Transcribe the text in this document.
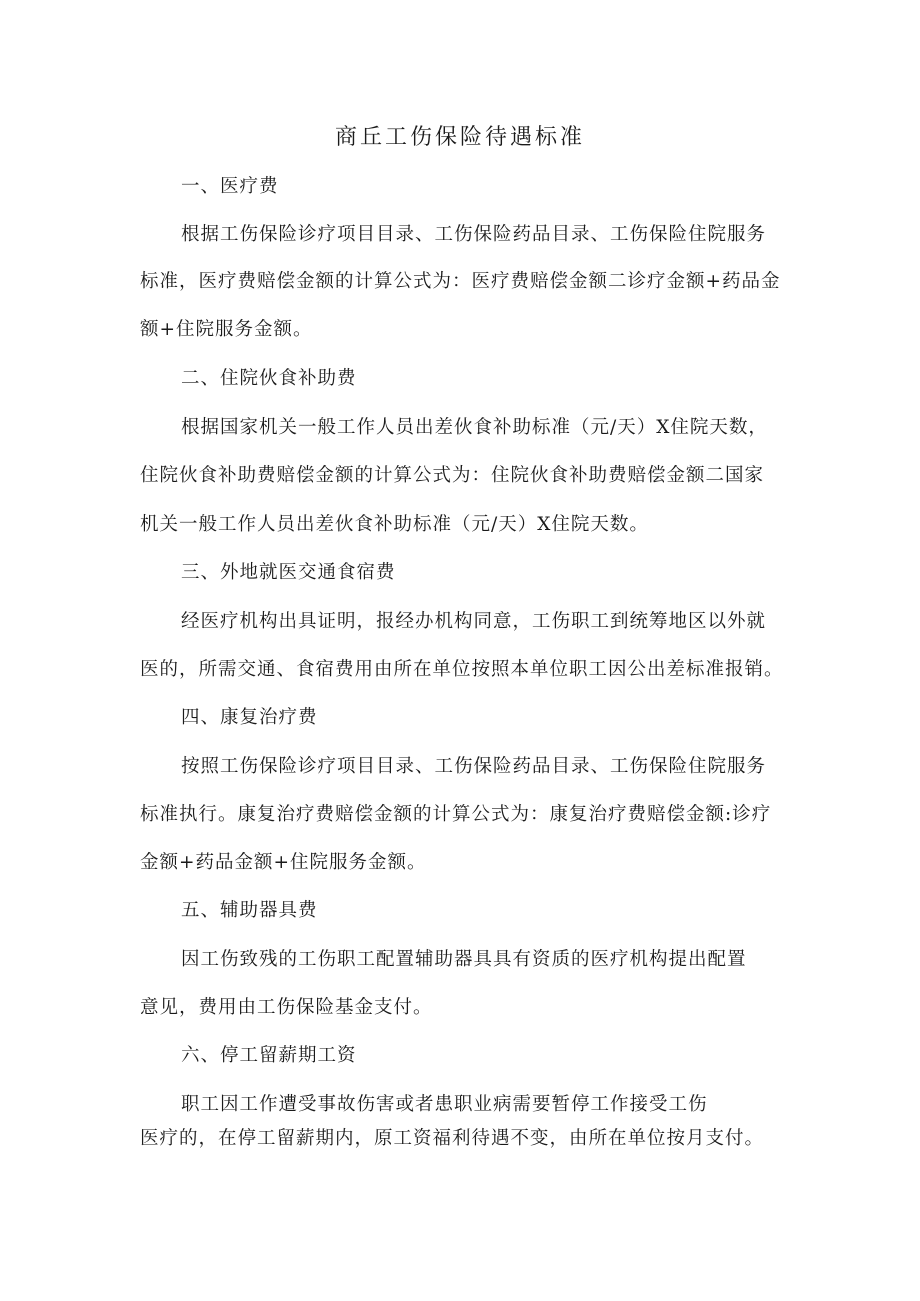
商丘工伤保险待遇标准
一、医疗费
根据工伤保险诊疗项目目录、工伤保险药品目录、工伤保险住院服务
标准，医疗费赔偿金额的计算公式为：医疗费赔偿金额二诊疗金额+药品金
额+住院服务金额。
二、住院伙食补助费
根据国家机关一般工作人员出差伙食补助标准（元/天）X住院天数，
住院伙食补助费赔偿金额的计算公式为：住院伙食补助费赔偿金额二国家
机关一般工作人员出差伙食补助标准（元/天）X住院天数。
三、外地就医交通食宿费
经医疗机构出具证明，报经办机构同意，工伤职工到统筹地区以外就
医的，所需交通、食宿费用由所在单位按照本单位职工因公出差标准报销。
四、康复治疗费
按照工伤保险诊疗项目目录、工伤保险药品目录、工伤保险住院服务
标准执行。康复治疗费赔偿金额的计算公式为：康复治疗费赔偿金额:诊疗
金额+药品金额+住院服务金额。
五、辅助器具费
因工伤致残的工伤职工配置辅助器具具有资质的医疗机构提出配置
意见，费用由工伤保险基金支付。
六、停工留薪期工资
职工因工作遭受事故伤害或者患职业病需要暂停工作接受工伤
医疗的，在停工留薪期内，原工资福利待遇不变，由所在单位按月支付。
